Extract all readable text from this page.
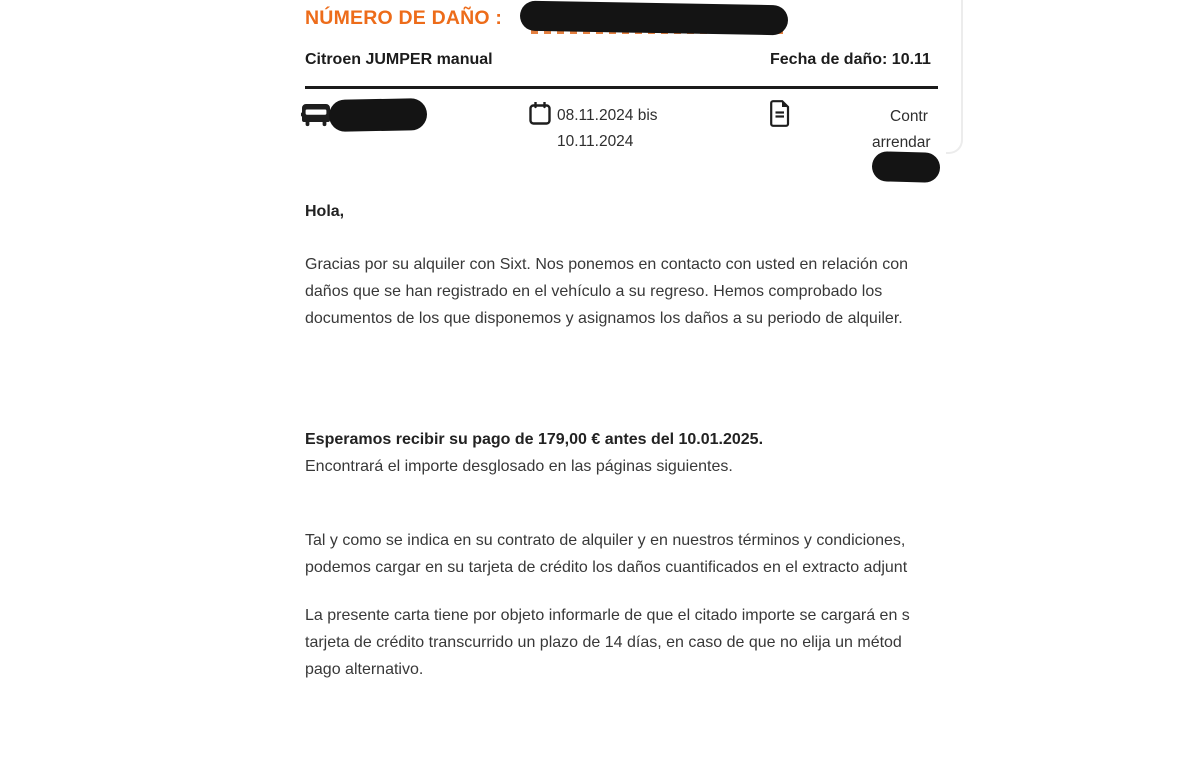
NÚMERO DE DAÑO :
Citroen JUMPER manual	Fecha de daño: 10.11
08.11.2024 bis
10.11.2024
Contr
arrendar
Hola,
Gracias por su alquiler con Sixt. Nos ponemos en contacto con usted en relación con
daños que se han registrado en el vehículo a su regreso. Hemos comprobado los
documentos de los que disponemos y asignamos los daños a su periodo de alquiler.
Esperamos recibir su pago de 179,00 € antes del 10.01.2025.
Encontrará el importe desglosado en las páginas siguientes.
Tal y como se indica en su contrato de alquiler y en nuestros términos y condiciones,
podemos cargar en su tarjeta de crédito los daños cuantificados en el extracto adjunt
La presente carta tiene por objeto informarle de que el citado importe se cargará en s
tarjeta de crédito transcurrido un plazo de 14 días, en caso de que no elija un métod
pago alternativo.
